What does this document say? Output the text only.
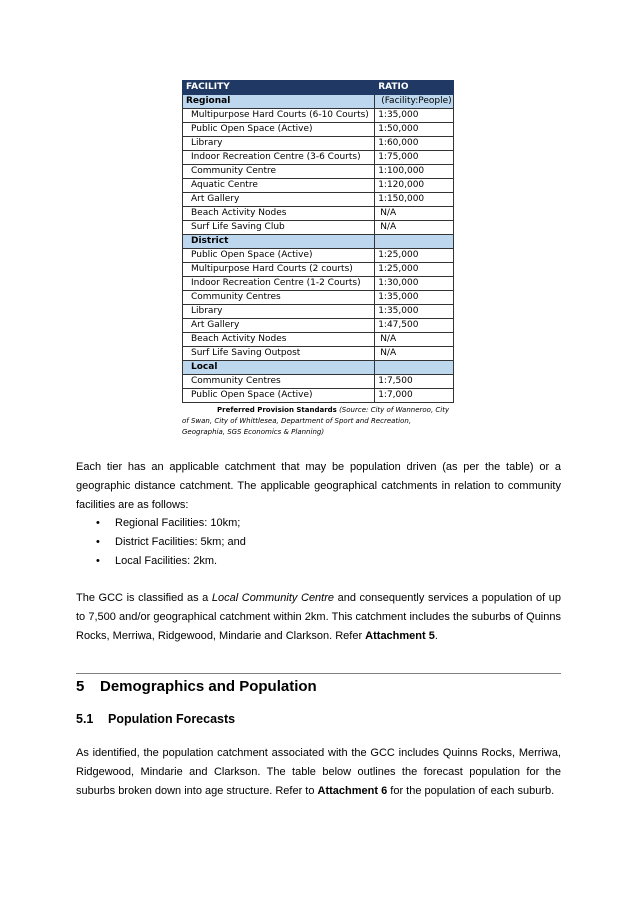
FACILITY	RATIO
Regional	(Facility:People)
Multipurpose Hard Courts (6-10 Courts)	1:35,000
Public Open Space (Active)	1:50,000
Library	1:60,000
Indoor Recreation Centre (3-6 Courts)	1:75,000
Community Centre	1:100,000
Aquatic Centre	1:120,000
Art Gallery	1:150,000
Beach Activity Nodes	N/A
Surf Life Saving Club	N/A
District	
Public Open Space (Active)	1:25,000
Multipurpose Hard Courts (2 courts)	1:25,000
Indoor Recreation Centre (1-2 Courts)	1:30,000
Community Centres	1:35,000
Library	1:35,000
Art Gallery	1:47,500
Beach Activity Nodes	N/A
Surf Life Saving Outpost	N/A
Local	
Community Centres	1:7,500
Public Open Space (Active)	1:7,000
Preferred Provision Standards (Source: City of Wanneroo, City of Swan, City of Whittlesea, Department of Sport and Recreation, Geographia, SGS Economics & Planning)
Each tier has an applicable catchment that may be population driven (as per the table) or a geographic distance catchment. The applicable geographical catchments in relation to community facilities are as follows:
• Regional Facilities: 10km;
• District Facilities: 5km; and
• Local Facilities: 2km.
The GCC is classified as a Local Community Centre and consequently services a population of up to 7,500 and/or geographical catchment within 2km. This catchment includes the suburbs of Quinns Rocks, Merriwa, Ridgewood, Mindarie and Clarkson. Refer Attachment 5.
5 Demographics and Population
5.1 Population Forecasts
As identified, the population catchment associated with the GCC includes Quinns Rocks, Merriwa, Ridgewood, Mindarie and Clarkson. The table below outlines the forecast population for the suburbs broken down into age structure. Refer to Attachment 6 for the population of each suburb.
